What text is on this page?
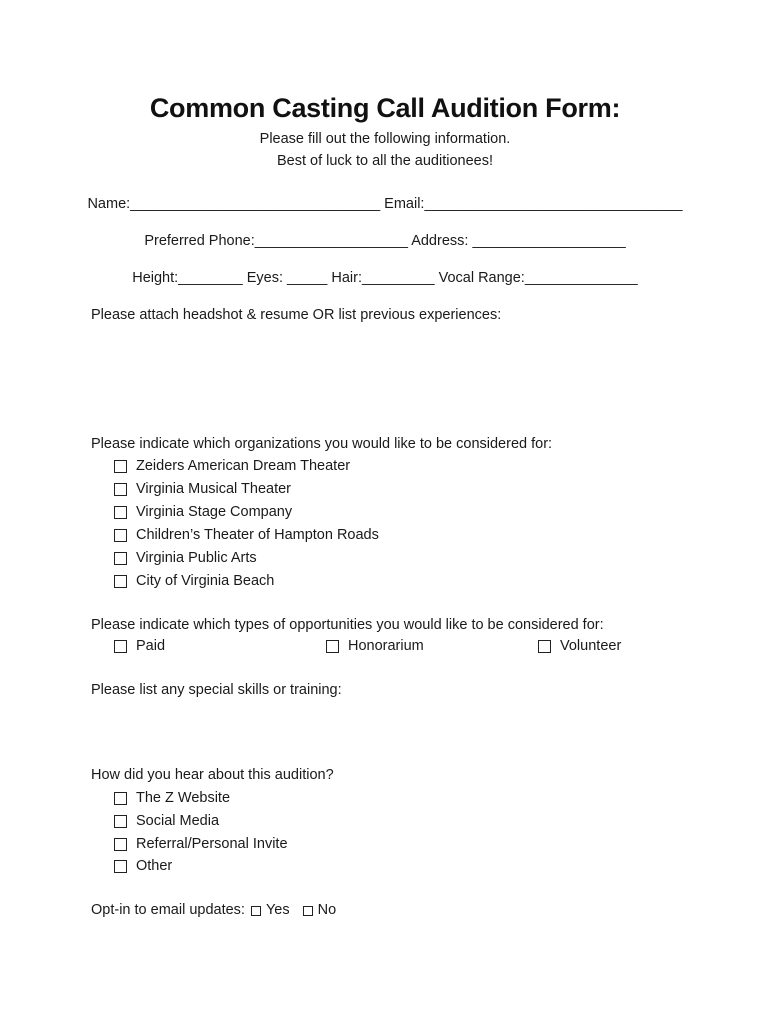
Common Casting Call Audition Form:
Please fill out the following information.
Best of luck to all the auditionees!
Name:_______________________________ Email:________________________________
Preferred Phone:___________________ Address: ___________________
Height:________ Eyes: _____ Hair:_________ Vocal Range:______________
Please attach headshot & resume OR list previous experiences:
Please indicate which organizations you would like to be considered for:
Zeiders American Dream Theater
Virginia Musical Theater
Virginia Stage Company
Children’s Theater of Hampton Roads
Virginia Public Arts
City of Virginia Beach
Please indicate which types of opportunities you would like to be considered for:
Paid	Honorarium	Volunteer
Please list any special skills or training:
How did you hear about this audition?
The Z Website
Social Media
Referral/Personal Invite
Other
Opt-in to email updates: Yes No
